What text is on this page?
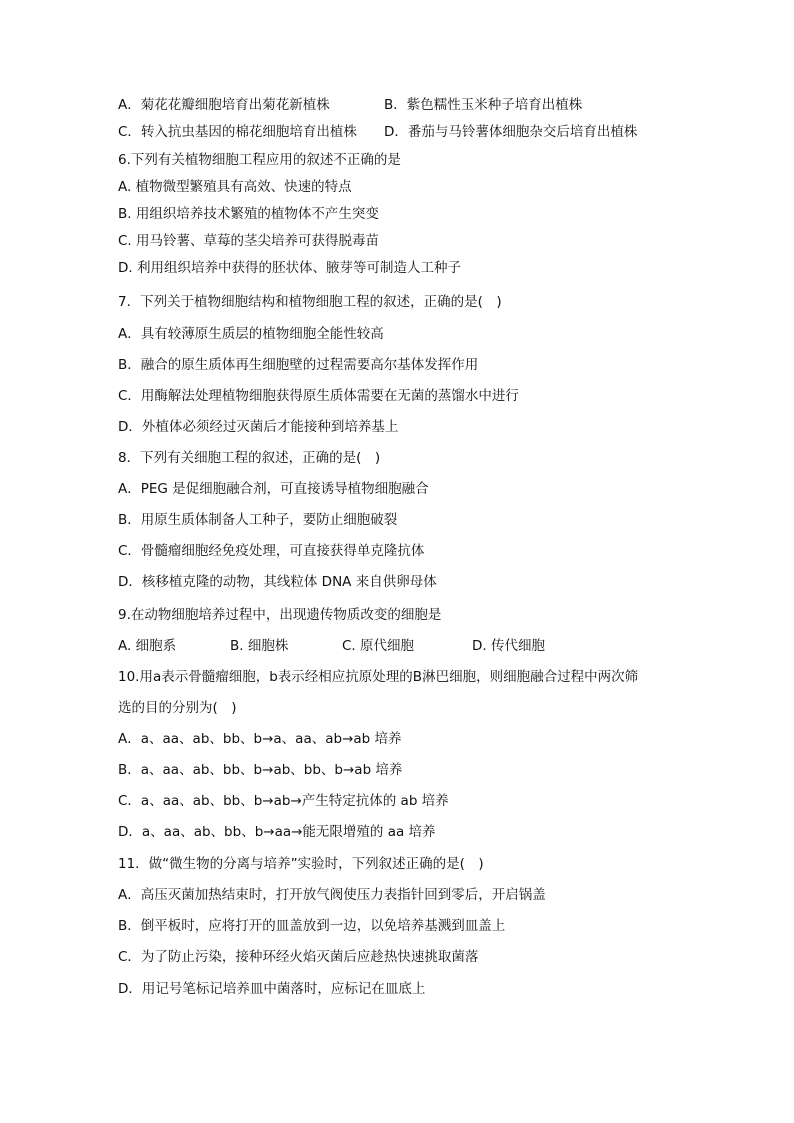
A．菊花花瓣细胞培育出菊花新植株	B．紫色糯性玉米种子培育出植株
C．转入抗虫基因的棉花细胞培育出植株 D．番茄与马铃薯体细胞杂交后培育出植株
6.下列有关植物细胞工程应用的叙述不正确的是
A. 植物微型繁殖具有高效、快速的特点
B. 用组织培养技术繁殖的植物体不产生突变
C. 用马铃薯、草莓的茎尖培养可获得脱毒苗
D. 利用组织培养中获得的胚状体、腋芽等可制造人工种子
7．下列关于植物细胞结构和植物细胞工程的叙述，正确的是(　)
A．具有较薄原生质层的植物细胞全能性较高
B．融合的原生质体再生细胞壁的过程需要高尔基体发挥作用
C．用酶解法处理植物细胞获得原生质体需要在无菌的蒸馏水中进行
D．外植体必须经过灭菌后才能接种到培养基上
8．下列有关细胞工程的叙述，正确的是(　)
A．PEG 是促细胞融合剂，可直接诱导植物细胞融合
B．用原生质体制备人工种子，要防止细胞破裂
C．骨髓瘤细胞经免疫处理，可直接获得单克隆抗体
D．核移植克隆的动物，其线粒体 DNA 来自供卵母体
9.在动物细胞培养过程中，出现遗传物质改变的细胞是
A. 细胞系	B. 细胞株	C. 原代细胞	D. 传代细胞
10.用a表示骨髓瘤细胞，b表示经相应抗原处理的B淋巴细胞，则细胞融合过程中两次筛
选的目的分别为(　)
A．a、aa、ab、bb、b→a、aa、ab→ab 培养
B．a、aa、ab、bb、b→ab、bb、b→ab 培养
C．a、aa、ab、bb、b→ab→产生特定抗体的 ab 培养
D．a、aa、ab、bb、b→aa→能无限增殖的 aa 培养
11．做“微生物的分离与培养”实验时，下列叙述正确的是(　)
A．高压灭菌加热结束时，打开放气阀使压力表指针回到零后，开启锅盖
B．倒平板时，应将打开的皿盖放到一边，以免培养基溅到皿盖上
C．为了防止污染，接种环经火焰灭菌后应趁热快速挑取菌落
D．用记号笔标记培养皿中菌落时，应标记在皿底上
